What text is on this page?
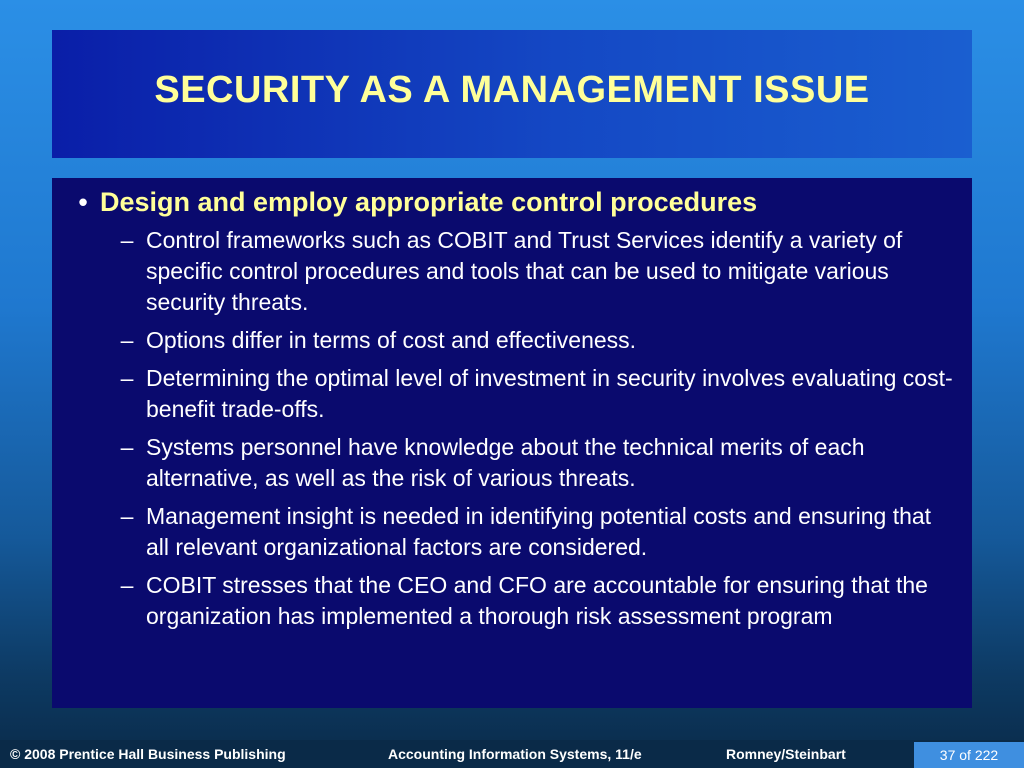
SECURITY AS A MANAGEMENT ISSUE
• Design and employ appropriate control procedures
– Control frameworks such as COBIT and Trust Services identify a variety of specific control procedures and tools that can be used to mitigate various security threats.
– Options differ in terms of cost and effectiveness.
– Determining the optimal level of investment in security involves evaluating cost-benefit trade-offs.
– Systems personnel have knowledge about the technical merits of each alternative, as well as the risk of various threats.
– Management insight is needed in identifying potential costs and ensuring that all relevant organizational factors are considered.
– COBIT stresses that the CEO and CFO are accountable for ensuring that the organization has implemented a thorough risk assessment program
© 2008 Prentice Hall Business Publishing	Accounting Information Systems, 11/e	Romney/Steinbart	37 of 222
